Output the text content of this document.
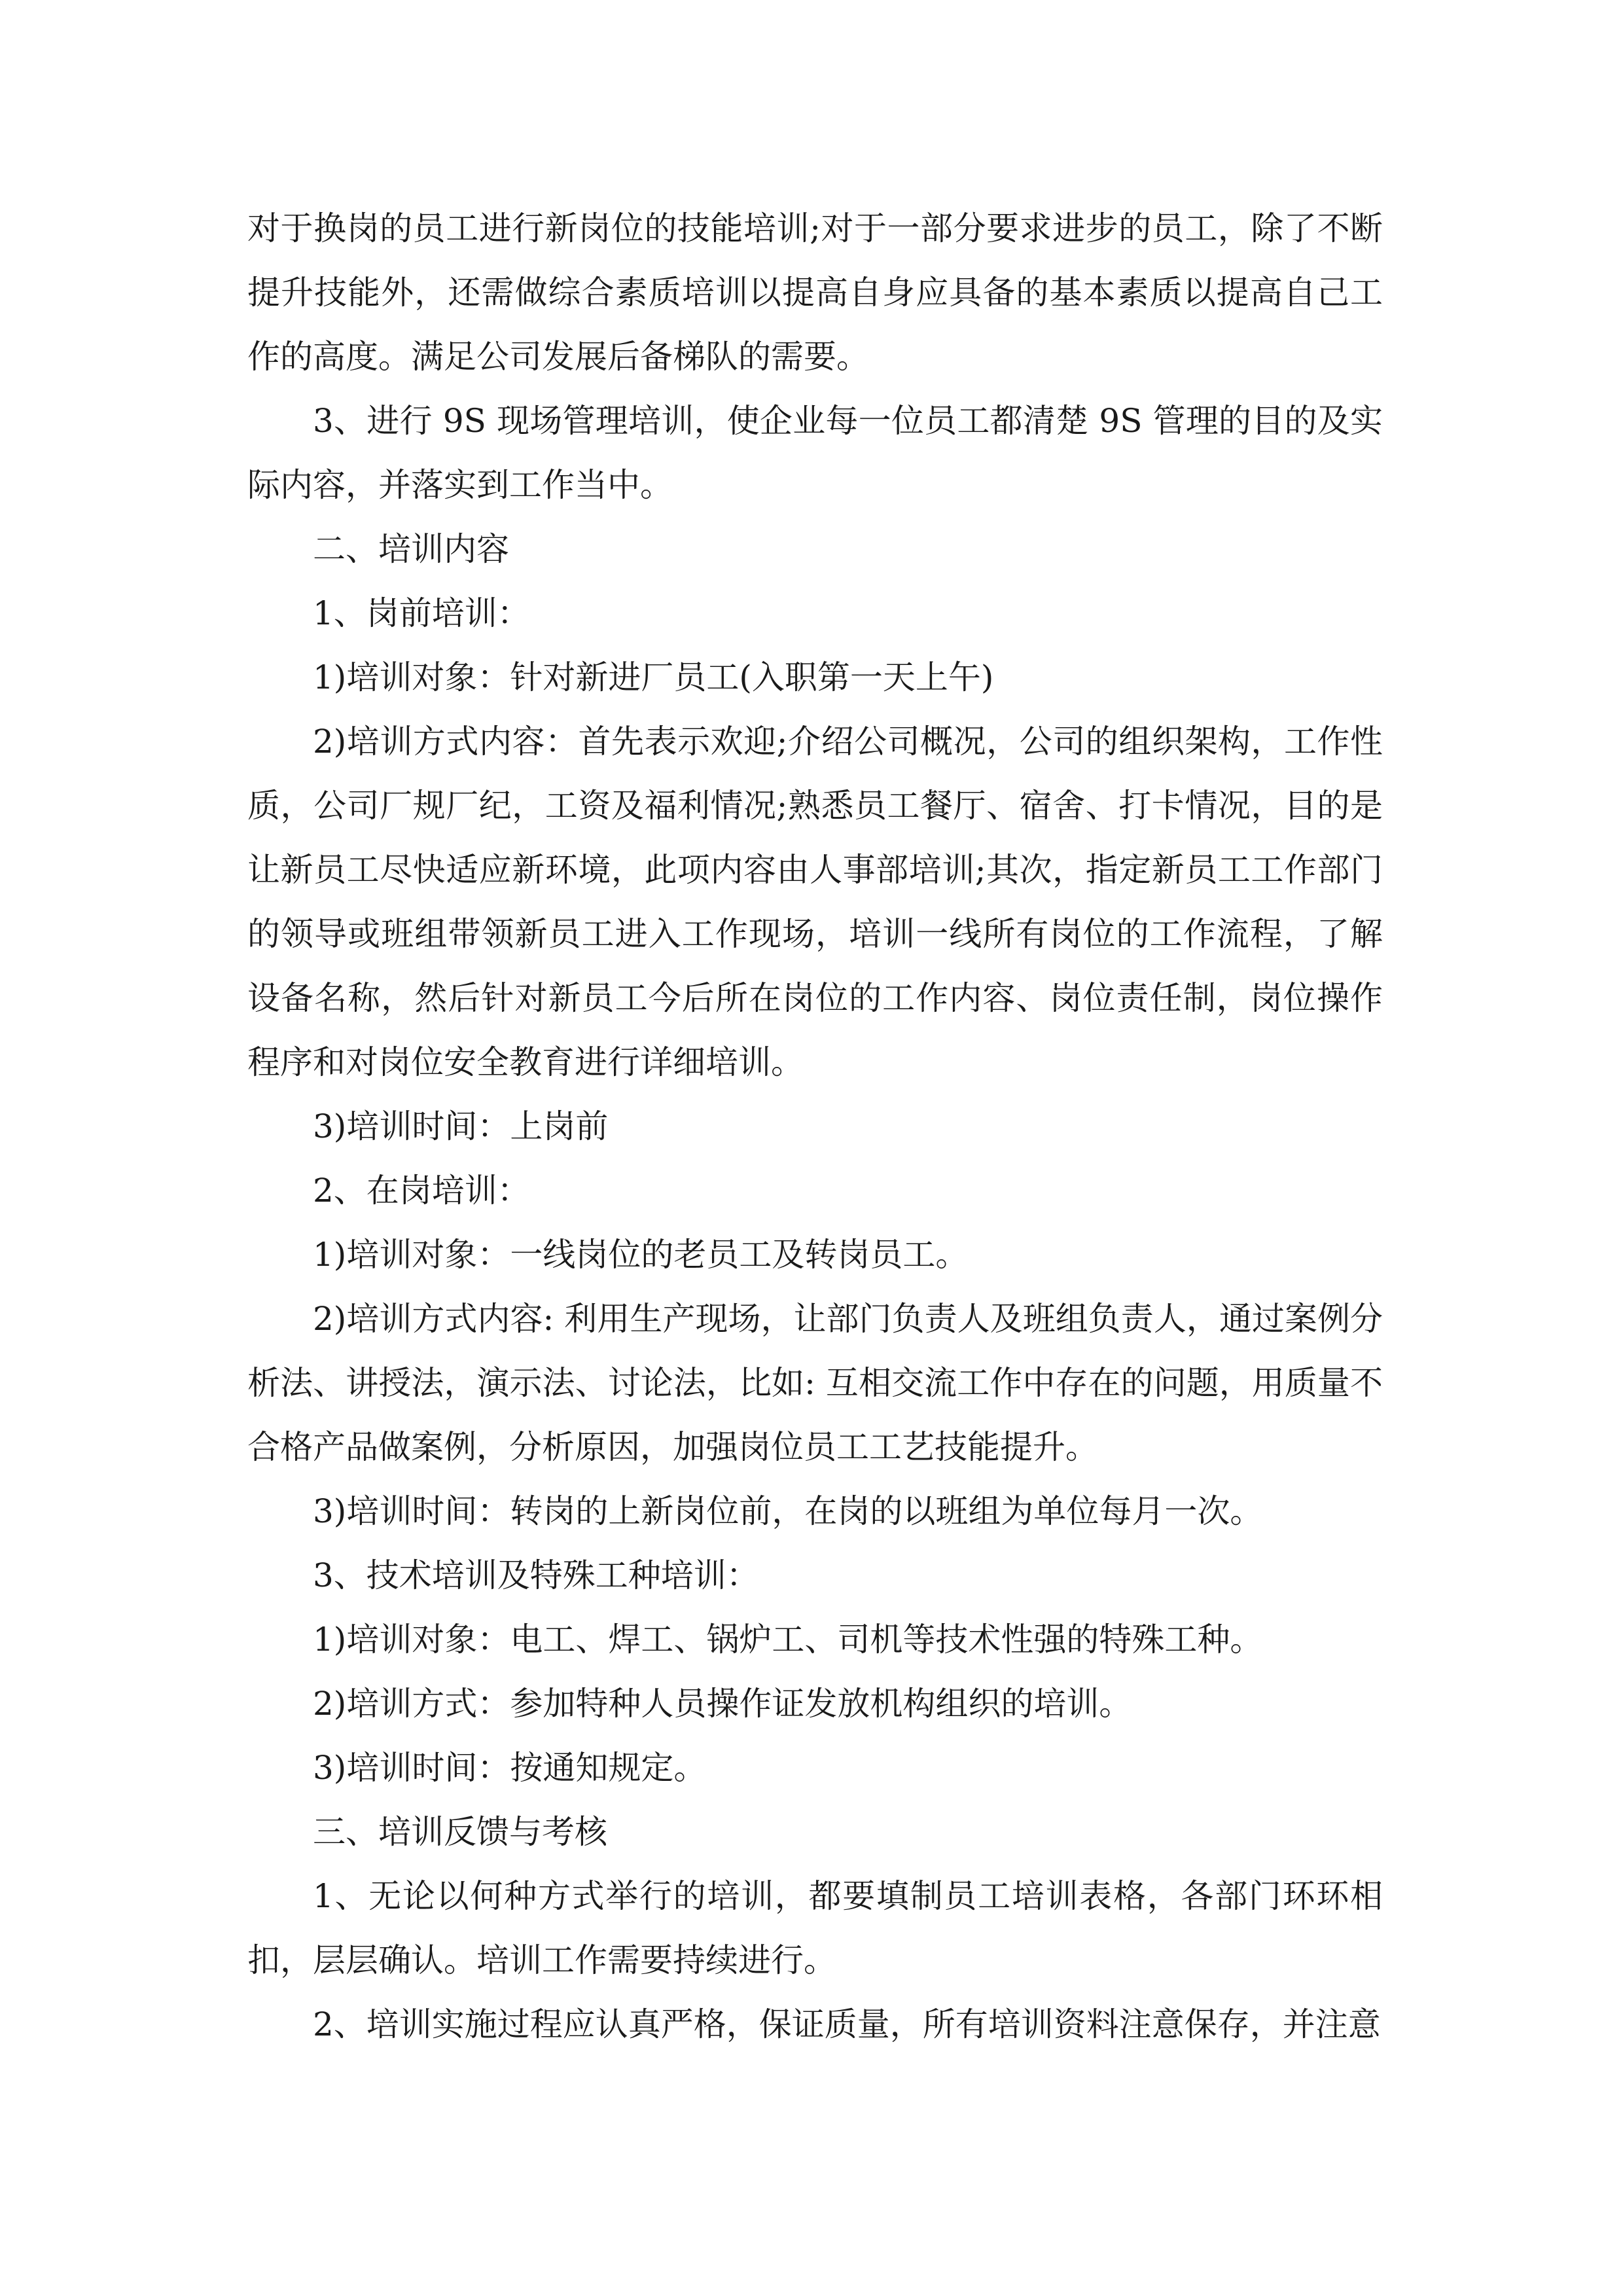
对于换岗的员工进行新岗位的技能培训;对于一部分要求进步的员工，除了不断提升技能外，还需做综合素质培训以提高自身应具备的基本素质以提高自己工作的高度。满足公司发展后备梯队的需要。

3、进行 9S 现场管理培训，使企业每一位员工都清楚 9S 管理的目的及实际内容，并落实到工作当中。

二、培训内容

1、岗前培训：

1)培训对象：针对新进厂员工(入职第一天上午)

2)培训方式内容：首先表示欢迎;介绍公司概况，公司的组织架构，工作性质，公司厂规厂纪，工资及福利情况;熟悉员工餐厅、宿舍、打卡情况，目的是让新员工尽快适应新环境，此项内容由人事部培训;其次，指定新员工工作部门的领导或班组带领新员工进入工作现场，培训一线所有岗位的工作流程，了解设备名称，然后针对新员工今后所在岗位的工作内容、岗位责任制，岗位操作程序和对岗位安全教育进行详细培训。

3)培训时间：上岗前

2、在岗培训：

1)培训对象：一线岗位的老员工及转岗员工。

2)培训方式内容: 利用生产现场，让部门负责人及班组负责人，通过案例分析法、讲授法，演示法、讨论法，比如: 互相交流工作中存在的问题，用质量不合格产品做案例，分析原因，加强岗位员工工艺技能提升。

3)培训时间：转岗的上新岗位前，在岗的以班组为单位每月一次。

3、技术培训及特殊工种培训：

1)培训对象：电工、焊工、锅炉工、司机等技术性强的特殊工种。

2)培训方式：参加特种人员操作证发放机构组织的培训。

3)培训时间：按通知规定。

三、培训反馈与考核

1、无论以何种方式举行的培训，都要填制员工培训表格，各部门环环相扣，层层确认。培训工作需要持续进行。

2、培训实施过程应认真严格，保证质量，所有培训资料注意保存，并注意
